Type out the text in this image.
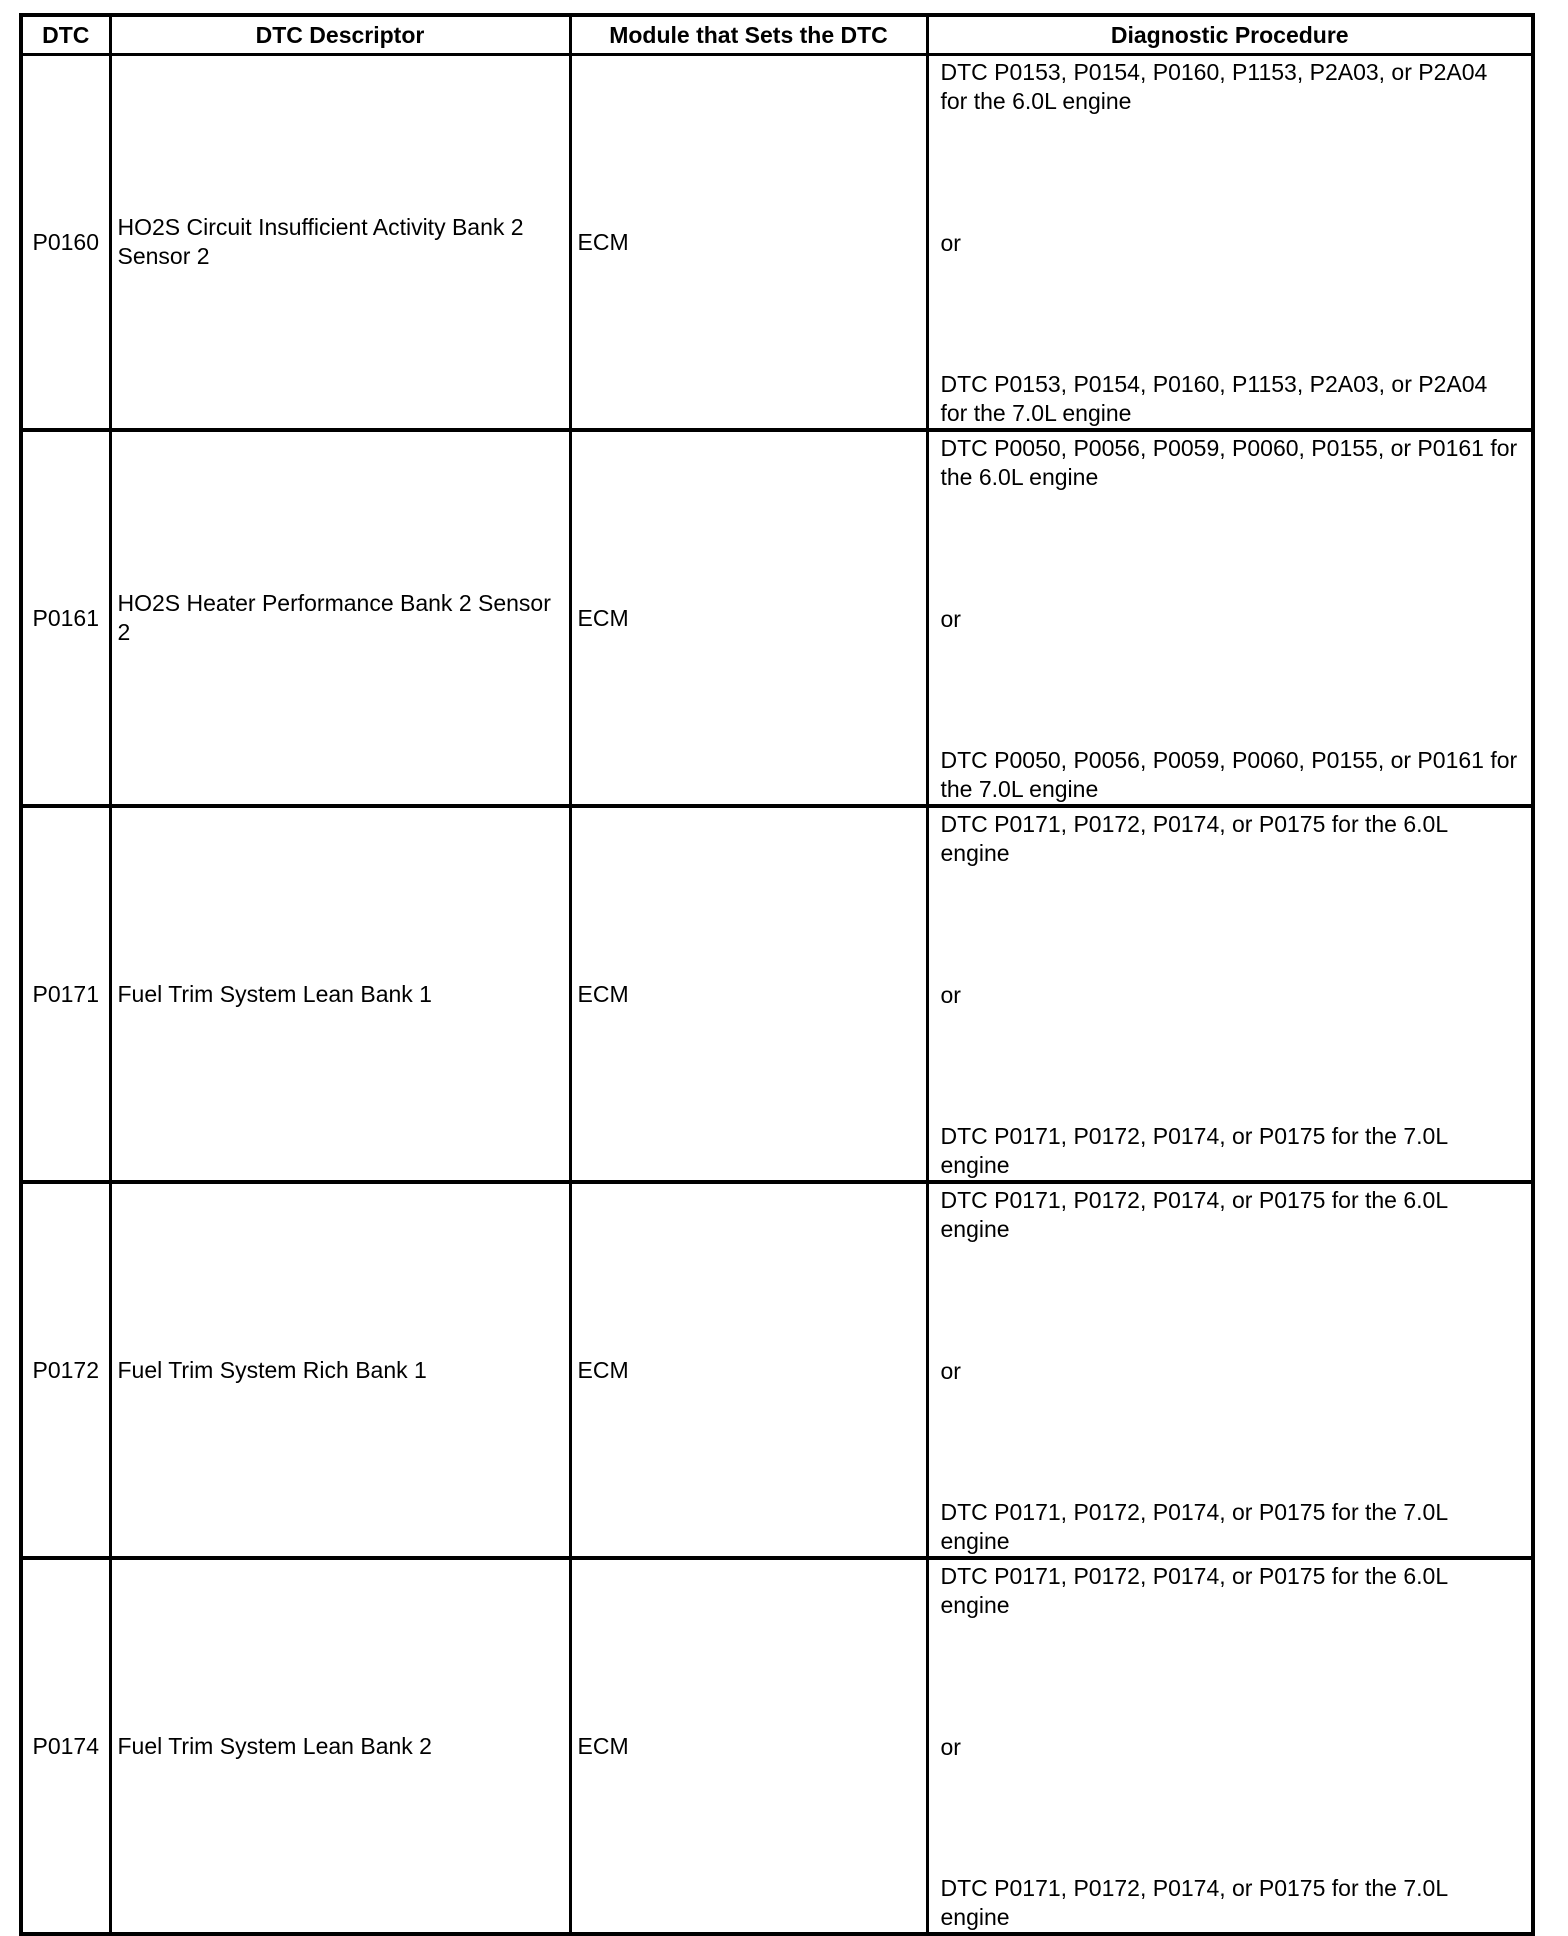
DTC	DTC Descriptor	Module that Sets the DTC	Diagnostic Procedure
P0160	HO2S Circuit Insufficient Activity Bank 2 Sensor 2	ECM	DTC P0153, P0154, P0160, P1153, P2A03, or P2A04 for the 6.0L engine
or
DTC P0153, P0154, P0160, P1153, P2A03, or P2A04 for the 7.0L engine

P0161	HO2S Heater Performance Bank 2 Sensor 2	ECM	DTC P0050, P0056, P0059, P0060, P0155, or P0161 for the 6.0L engine
or
DTC P0050, P0056, P0059, P0060, P0155, or P0161 for the 7.0L engine

P0171	Fuel Trim System Lean Bank 1	ECM	DTC P0171, P0172, P0174, or P0175 for the 6.0L engine
or
DTC P0171, P0172, P0174, or P0175 for the 7.0L engine

P0172	Fuel Trim System Rich Bank 1	ECM	DTC P0171, P0172, P0174, or P0175 for the 6.0L engine
or
DTC P0171, P0172, P0174, or P0175 for the 7.0L engine

P0174	Fuel Trim System Lean Bank 2	ECM	DTC P0171, P0172, P0174, or P0175 for the 6.0L engine
or
DTC P0171, P0172, P0174, or P0175 for the 7.0L engine
